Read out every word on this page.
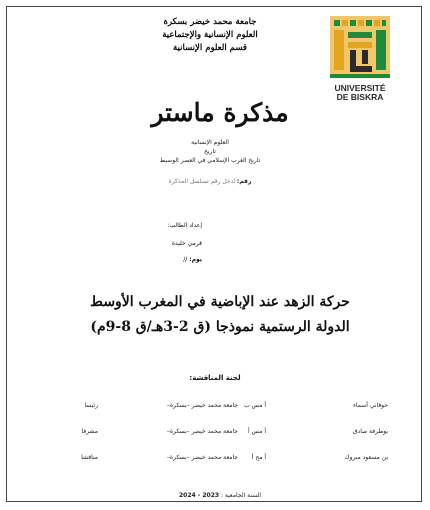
جامعة محمد خيضر بسكرة
العلوم الإنسانية والإجتماعية
قسم العلوم الإنسانية
UNIVERSITÉ
DE BISKRA
مذكرة ماستر
العلوم الإنسانية
تاريخ
تاريخ الغرب الإسلامي في العصر الوسيط
رقم: ادخل رقم تسلسل المذكرة
إعداد الطالب:
قرمي خليدة
يوم: //
حركة الزهد عند الإباضية في المغرب الأوسط
الدولة الرستمية نموذجا (ق 2-3هـ/ق 8-9م)
لجنة المناقشة:
حوفاني أسماء
أ مس ب
جامعة محمد خيضر –بسكرة–
رئيسا
بوطرفة صادق
أ مس أ
جامعة محمد خيضر –بسكرة–
مشرفا
بن مسعود مبروك
أ مح أ
جامعة محمد خيضر –بسكرة–
مناقشا
السنة الجامعية : 2023 - 2024
